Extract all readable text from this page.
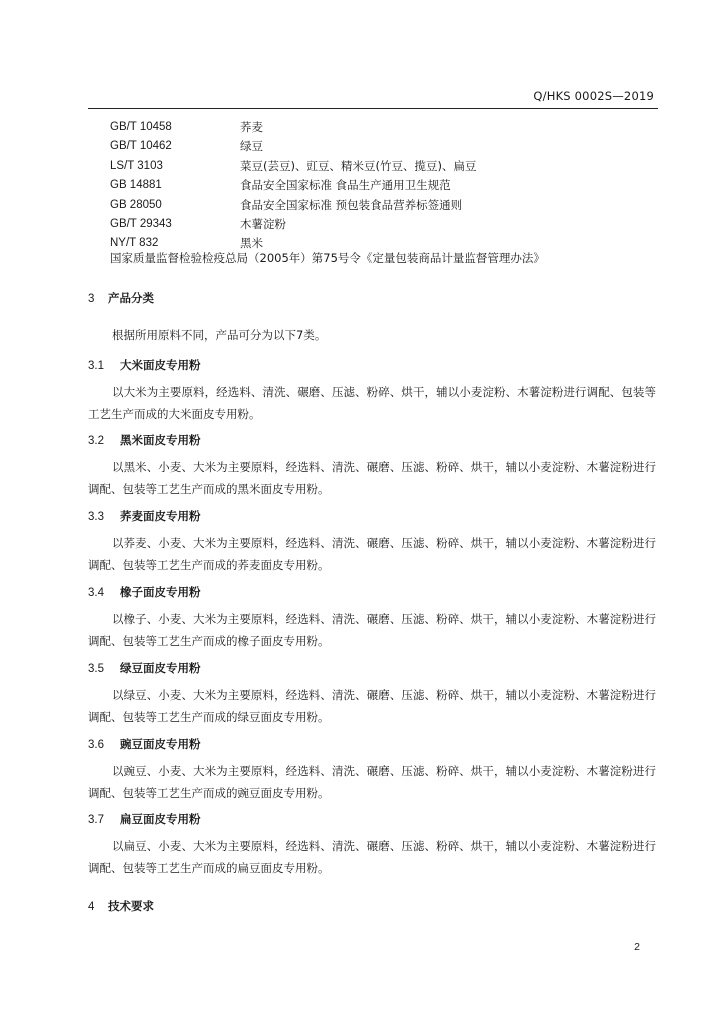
Q/HKS 0002S—2019
GB/T 10458	荞麦
GB/T 10462	绿豆
LS/T 3103	菜豆(芸豆)、豇豆、精米豆(竹豆、揽豆)、扁豆
GB 14881	食品安全国家标准 食品生产通用卫生规范
GB 28050	食品安全国家标准 预包装食品营养标签通则
GB/T 29343	木薯淀粉
NY/T 832	黑米
国家质量监督检验检疫总局（2005年）第75号令《定量包装商品计量监督管理办法》
3 产品分类
根据所用原料不同，产品可分为以下7类。
3.1 大米面皮专用粉
以大米为主要原料，经选料、清洗、碾磨、压滤、粉碎、烘干，辅以小麦淀粉、木薯淀粉进行调配、包装等工艺生产而成的大米面皮专用粉。
3.2 黑米面皮专用粉
以黑米、小麦、大米为主要原料，经选料、清洗、碾磨、压滤、粉碎、烘干，辅以小麦淀粉、木薯淀粉进行调配、包装等工艺生产而成的黑米面皮专用粉。
3.3 荞麦面皮专用粉
以荞麦、小麦、大米为主要原料，经选料、清洗、碾磨、压滤、粉碎、烘干，辅以小麦淀粉、木薯淀粉进行调配、包装等工艺生产而成的荞麦面皮专用粉。
3.4 橡子面皮专用粉
以橡子、小麦、大米为主要原料，经选料、清洗、碾磨、压滤、粉碎、烘干，辅以小麦淀粉、木薯淀粉进行调配、包装等工艺生产而成的橡子面皮专用粉。
3.5 绿豆面皮专用粉
以绿豆、小麦、大米为主要原料，经选料、清洗、碾磨、压滤、粉碎、烘干，辅以小麦淀粉、木薯淀粉进行调配、包装等工艺生产而成的绿豆面皮专用粉。
3.6 豌豆面皮专用粉
以豌豆、小麦、大米为主要原料，经选料、清洗、碾磨、压滤、粉碎、烘干，辅以小麦淀粉、木薯淀粉进行调配、包装等工艺生产而成的豌豆面皮专用粉。
3.7 扁豆面皮专用粉
以扁豆、小麦、大米为主要原料，经选料、清洗、碾磨、压滤、粉碎、烘干，辅以小麦淀粉、木薯淀粉进行调配、包装等工艺生产而成的扁豆面皮专用粉。
4 技术要求
2
